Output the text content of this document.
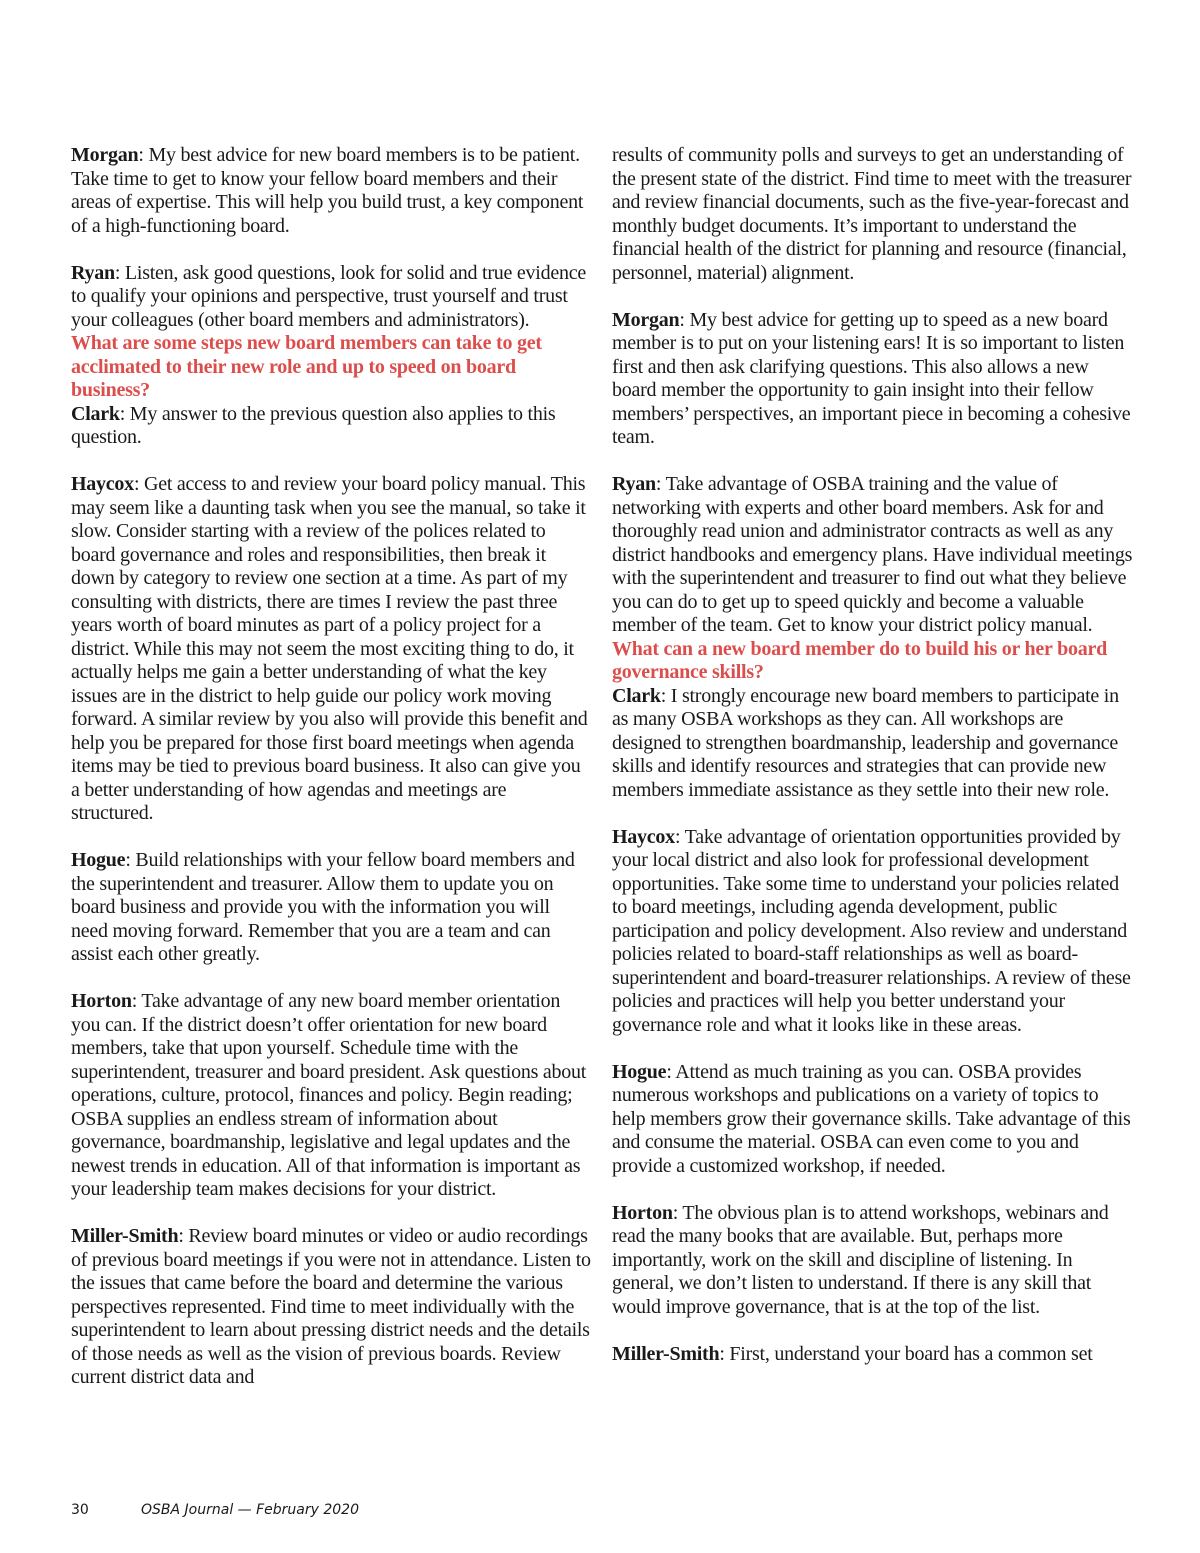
Morgan: My best advice for new board members is to be patient. Take time to get to know your fellow board members and their areas of expertise. This will help you build trust, a key component of a high-functioning board.

Ryan: Listen, ask good questions, look for solid and true evidence to qualify your opinions and perspective, trust yourself and trust your colleagues (other board members and administrators).

What are some steps new board members can take to get acclimated to their new role and up to speed on board business?

Clark: My answer to the previous question also applies to this question.

Haycox: Get access to and review your board policy manual. This may seem like a daunting task when you see the manual, so take it slow. Consider starting with a review of the polices related to board governance and roles and responsibilities, then break it down by category to review one section at a time. As part of my consulting with districts, there are times I review the past three years worth of board minutes as part of a policy project for a district. While this may not seem the most exciting thing to do, it actually helps me gain a better understanding of what the key issues are in the district to help guide our policy work moving forward. A similar review by you also will provide this benefit and help you be prepared for those first board meetings when agenda items may be tied to previous board business. It also can give you a better understanding of how agendas and meetings are structured.

Hogue: Build relationships with your fellow board members and the superintendent and treasurer. Allow them to update you on board business and provide you with the information you will need moving forward. Remember that you are a team and can assist each other greatly.

Horton: Take advantage of any new board member orientation you can. If the district doesn’t offer orientation for new board members, take that upon yourself. Schedule time with the superintendent, treasurer and board president. Ask questions about operations, culture, protocol, finances and policy. Begin reading; OSBA supplies an endless stream of information about governance, boardmanship, legislative and legal updates and the newest trends in education. All of that information is important as your leadership team makes decisions for your district.

Miller-Smith: Review board minutes or video or audio recordings of previous board meetings if you were not in attendance. Listen to the issues that came before the board and determine the various perspectives represented. Find time to meet individually with the superintendent to learn about pressing district needs and the details of those needs as well as the vision of previous boards. Review current district data and

results of community polls and surveys to get an understanding of the present state of the district. Find time to meet with the treasurer and review financial documents, such as the five-year-forecast and monthly budget documents. It’s important to understand the financial health of the district for planning and resource (financial, personnel, material) alignment.

Morgan: My best advice for getting up to speed as a new board member is to put on your listening ears! It is so important to listen first and then ask clarifying questions. This also allows a new board member the opportunity to gain insight into their fellow members’ perspectives, an important piece in becoming a cohesive team.

Ryan: Take advantage of OSBA training and the value of networking with experts and other board members. Ask for and thoroughly read union and administrator contracts as well as any district handbooks and emergency plans. Have individual meetings with the superintendent and treasurer to find out what they believe you can do to get up to speed quickly and become a valuable member of the team. Get to know your district policy manual.

What can a new board member do to build his or her board governance skills?

Clark: I strongly encourage new board members to participate in as many OSBA workshops as they can. All workshops are designed to strengthen boardmanship, leadership and governance skills and identify resources and strategies that can provide new members immediate assistance as they settle into their new role.

Haycox: Take advantage of orientation opportunities provided by your local district and also look for professional development opportunities. Take some time to understand your policies related to board meetings, including agenda development, public participation and policy development. Also review and understand policies related to board-staff relationships as well as board-superintendent and board-treasurer relationships. A review of these policies and practices will help you better understand your governance role and what it looks like in these areas.

Hogue: Attend as much training as you can. OSBA provides numerous workshops and publications on a variety of topics to help members grow their governance skills. Take advantage of this and consume the material. OSBA can even come to you and provide a customized workshop, if needed.

Horton: The obvious plan is to attend workshops, webinars and read the many books that are available. But, perhaps more importantly, work on the skill and discipline of listening. In general, we don’t listen to understand. If there is any skill that would improve governance, that is at the top of the list.

Miller-Smith: First, understand your board has a common set

30	OSBA Journal — February 2020
